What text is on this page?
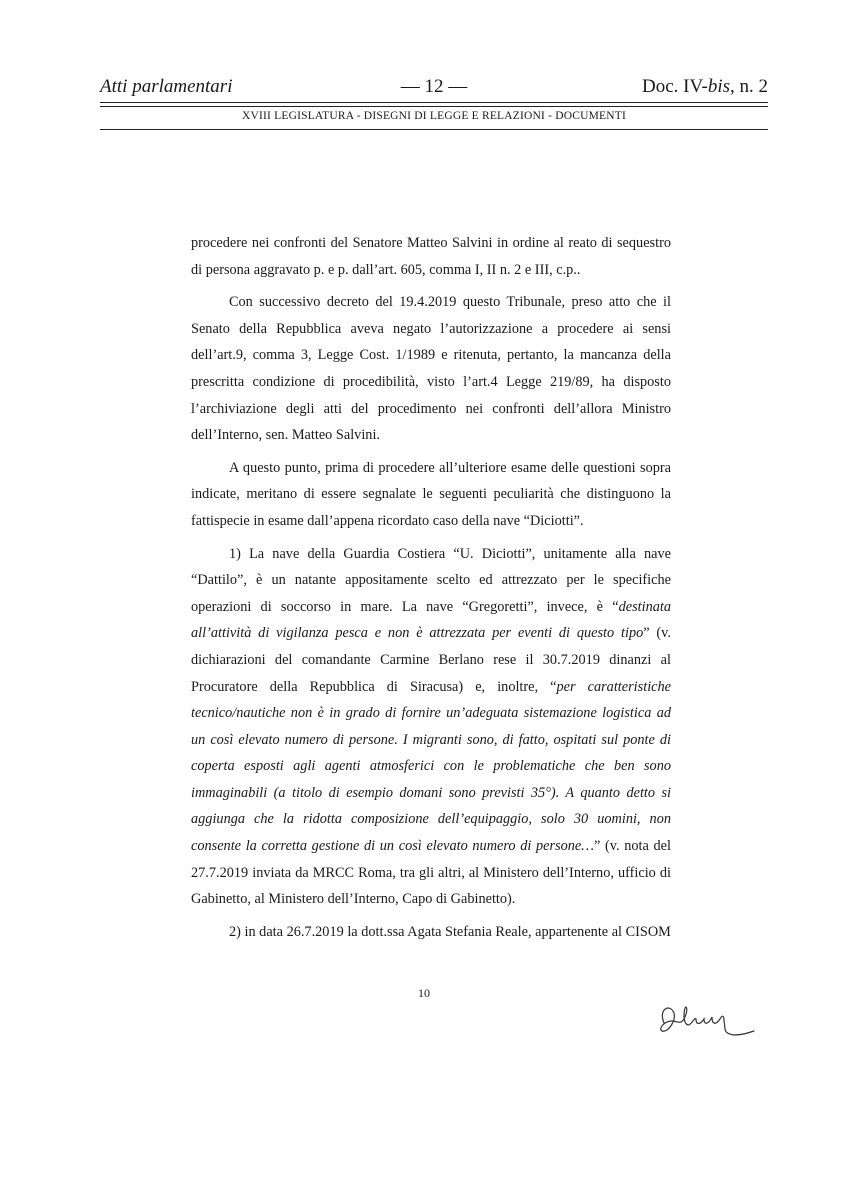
Atti parlamentari	— 12 —	Doc. IV-bis, n. 2
XVIII LEGISLATURA - DISEGNI DI LEGGE E RELAZIONI - DOCUMENTI

procedere nei confronti del Senatore Matteo Salvini in ordine al reato di sequestro di persona aggravato p. e p. dall’art. 605, comma I, II n. 2 e III, c.p..

Con successivo decreto del 19.4.2019 questo Tribunale, preso atto che il Senato della Repubblica aveva negato l’autorizzazione a procedere ai sensi dell’art.9, comma 3, Legge Cost. 1/1989 e ritenuta, pertanto, la mancanza della prescritta condizione di procedibilità, visto l’art.4 Legge 219/89, ha disposto l’archiviazione degli atti del procedimento nei confronti dell’allora Ministro dell’Interno, sen. Matteo Salvini.

A questo punto, prima di procedere all’ulteriore esame delle questioni sopra indicate, meritano di essere segnalate le seguenti peculiarità che distinguono la fattispecie in esame dall’appena ricordato caso della nave “Diciotti”.

1) La nave della Guardia Costiera “U. Diciotti”, unitamente alla nave “Dattilo”, è un natante appositamente scelto ed attrezzato per le specifiche operazioni di soccorso in mare. La nave “Gregoretti”, invece, è “destinata all’attività di vigilanza pesca e non è attrezzata per eventi di questo tipo” (v. dichiarazioni del comandante Carmine Berlano rese il 30.7.2019 dinanzi al Procuratore della Repubblica di Siracusa) e, inoltre, “per caratteristiche tecnico/nautiche non è in grado di fornire un’adeguata sistemazione logistica ad un così elevato numero di persone. I migranti sono, di fatto, ospitati sul ponte di coperta esposti agli agenti atmosferici con le problematiche che ben sono immaginabili (a titolo di esempio domani sono previsti 35°). A quanto detto si aggiunga che la ridotta composizione dell’equipaggio, solo 30 uomini, non consente la corretta gestione di un così elevato numero di persone…” (v. nota del 27.7.2019 inviata da MRCC Roma, tra gli altri, al Ministero dell’Interno, ufficio di Gabinetto, al Ministero dell’Interno, Capo di Gabinetto).

2) in data 26.7.2019 la dott.ssa Agata Stefania Reale, appartenente al CISOM

10
